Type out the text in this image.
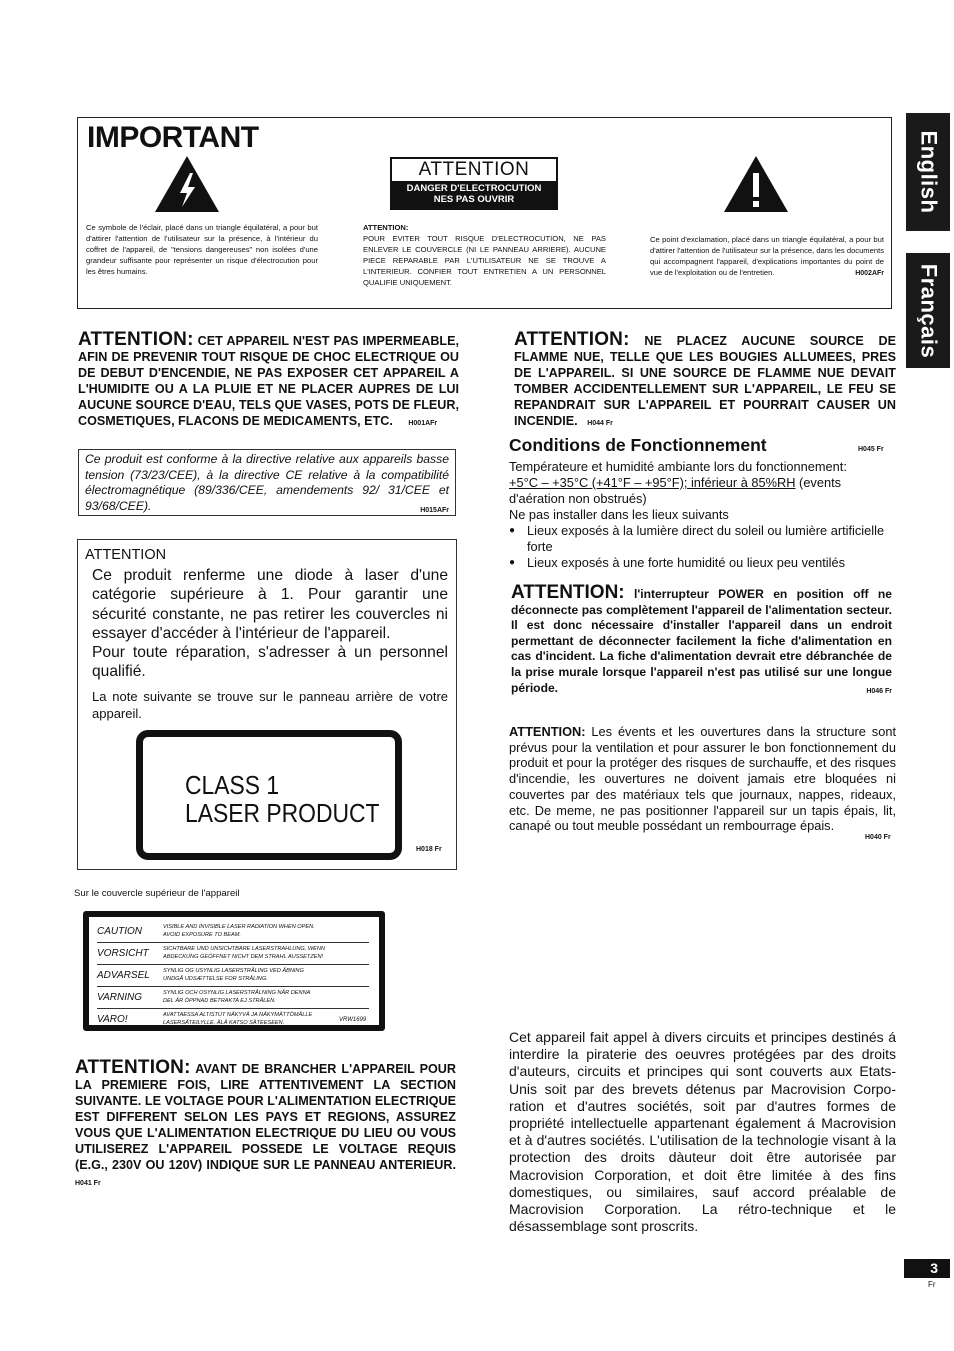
English
Français
IMPORTANT
ATTENTION
DANGER D'ELECTROCUTION
NES PAS OUVRIR
Ce symbole de l'éclair, placé dans un triangle équilatéral, a pour but d'attirer l'attention de l'utilisateur sur la présence, à l'intérieur du coffret de l'appareil, de "tensions dangereuses" non isolées d'une grandeur suffisante pour représenter un risque d'électrocution pour les êtres humains.
ATTENTION:
POUR EVITER TOUT RISQUE D'ELECTROCUTION, NE PAS ENLEVER LE COUVERCLE (NI LE PANNEAU ARRIERE). AUCUNE PIECE REPARABLE PAR L'UTILISATEUR NE SE TROUVE A L'INTERIEUR. CONFIER TOUT ENTRETIEN A UN PERSONNEL QUALIFIE UNIQUEMENT.
Ce point d'exclamation, placé dans un triangle équilatéral, a pour but d'attirer l'attention de l'utilisateur sur la présence, dans les documents qui accompagnent l'appareil, d'explications importantes du point de vue de l'exploitation ou de l'entretien.	H002AFr
ATTENTION: CET APPAREIL N'EST PAS IMPERMEABLE, AFIN DE PREVENIR TOUT RISQUE DE CHOC ELECTRIQUE OU DE DEBUT D'ENCENDIE, NE PAS EXPOSER CET APPAREIL A L'HUMIDITE OU A LA PLUIE ET NE PLACER AUPRES DE LUI AUCUNE SOURCE D'EAU, TELS QUE VASES, POTS DE FLEUR, COSMETIQUES, FLACONS DE MEDICAMENTS, ETC. H001AFr
Ce produit est conforme à la directive relative aux appareils basse tension (73/23/CEE), à la directive CE relative à la compatibilité électromagnétique (89/336/CEE, amendements 92/ 31/CEE et 93/68/CEE).	H015AFr
ATTENTION
Ce produit renferme une diode à laser d'une catégorie supérieure à 1. Pour garantir une sécurité constante, ne pas retirer les couvercles ni essayer d'accéder à l'intérieur de l'appareil.
Pour toute réparation, s'adresser à un personnel qualifié.
La note suivante se trouve sur le panneau arrière de votre appareil.
CLASS 1
LASER PRODUCT
H018 Fr
Sur le couvercle supérieur de l'appareil
CAUTION	VISIBLE AND INVISIBLE LASER RADIATION WHEN OPEN.
AVOID EXPOSURE TO BEAM.
VORSICHT	SICHTBARE UND UNSICHTBARE LASERSTRAHLUNG, WENN
ABDECKUNG GEÖFFNET NICHT DEM STRAHL AUSSETZEN!
ADVARSEL	SYNLIG OG USYNLIG LASERSTRÅLING VED ÅBNING
UNDGÅ UDSÆTTELSE FOR STRÅLING.
VARNING	SYNLIG OCH OSYNLIG LASERSTRÅLNING NÄR DENNA
DEL ÄR ÖPPNAD BETRAKTA EJ STRÅLEN.
VARO!	AVATTAESSA ALTISTUT NÄKYVÄ JA NÄKYMÄTTÖMÄLLE
LASERSÄTEILYLLE. ÄLÄ KATSO SÄTEESEEN.	VRW1699
ATTENTION: AVANT DE BRANCHER L'APPAREIL POUR LA PREMIERE FOIS, LIRE ATTENTIVEMENT LA SECTION SUIVANTE. LE VOLTAGE POUR L'ALIMENTATION ELECTRIQUE EST DIFFERENT SELON LES PAYS ET REGIONS, ASSUREZ VOUS QUE L'ALIMENTATION ELECTRIQUE DU LIEU OU VOUS UTILISEREZ L'APPAREIL POSSEDE LE VOLTAGE REQUIS (E.G., 230V OU 120V) INDIQUE SUR LE PANNEAU ANTERIEUR. H041 Fr
ATTENTION: NE PLACEZ AUCUNE SOURCE DE FLAMME NUE, TELLE QUE LES BOUGIES ALLUMEES, PRES DE L'APPAREIL. SI UNE SOURCE DE FLAMME NUE DEVAIT TOMBER ACCIDENTELLEMENT SUR L'APPAREIL, LE FEU SE REPANDRAIT SUR L'APPAREIL ET POURRAIT CAUSER UN INCENDIE. H044 Fr
Conditions de Fonctionnement	H045 Fr
Températeure et humidité ambiante lors du fonctionnement:
+5°C – +35°C (+41°F – +95°F); inférieur à 85%RH (events d'aération non obstrués)
Ne pas installer dans les lieux suivants
● Lieux exposés à la lumière direct du soleil ou lumière artificielle forte
● Lieux exposés à une forte humidité ou lieux peu ventilés
ATTENTION: l'interrupteur POWER en position off ne déconnecte pas complètement l'appareil de l'alimentation secteur. Il est donc nécessaire d'installer l'appareil dans un endroit permettant de déconnecter facilement la fiche d'alimentation en cas d'incident. La fiche d'alimentation devrait etre débranchée de la prise murale lorsque l'appareil n'est pas utilisé sur une longue période.	H046 Fr
ATTENTION: Les évents et les ouvertures dans la structure sont prévus pour la ventilation et pour assurer le bon fonctionnement du produit et pour la protéger des risques de surchauffe, et des risques d'incendie, les ouvertures ne doivent jamais etre bloquées ni couvertes par des matériaux tels que journaux, nappes, rideaux, etc. De meme, ne pas positionner l'appareil sur un tapis épais, lit, canapé ou tout meuble possédant un rembourrage épais.
H040 Fr
Cet appareil fait appel à divers circuits et principes destinés á interdire la piraterie des oeuvres protégées par des droits d'auteurs, circuits et principes qui sont couverts aux Etats-Unis soit par des brevets détenus par Macrovision Corpo-ration et d'autres sociétés, soit par d'autres formes de propriété intellectuelle appartenant également á Macrovision et à d'autres sociétés. L'utilisation de la technologie visant à la protection des droits dàuteur doit être autorisée par Macrovision Corporation, et doit être limitée à des fins domestiques, ou similaires, sauf accord préalable de Macrovision Corporation. La rétro-technique et le désassemblage sont proscrits.
3
Fr
